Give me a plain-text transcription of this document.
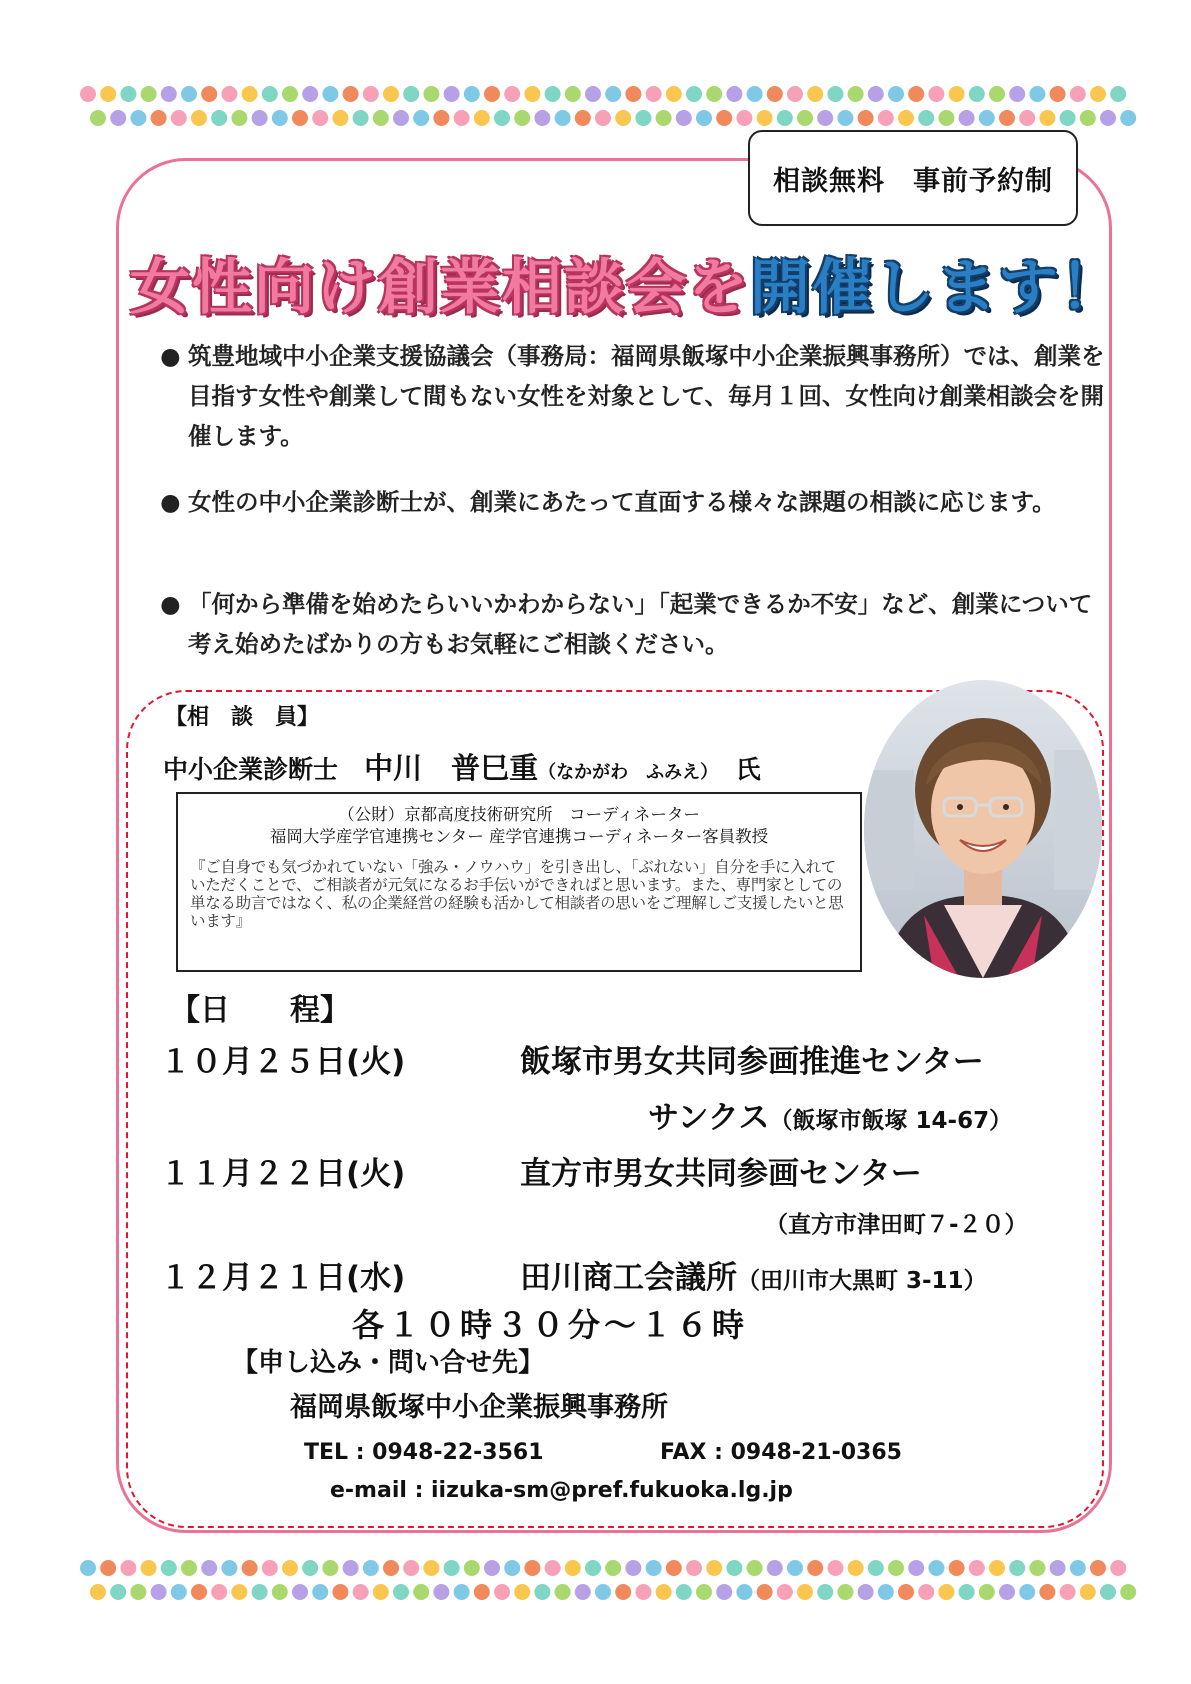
相談無料　事前予約制
女性向け創業相談会を開催します！
● 筑豊地域中小企業支援協議会（事務局：福岡県飯塚中小企業振興事務所）では、創業を目指す女性や創業して間もない女性を対象として、毎月１回、女性向け創業相談会を開催します。
● 女性の中小企業診断士が、創業にあたって直面する様々な課題の相談に応じます。
● 「何から準備を始めたらいいかわからない」「起業できるか不安」など、創業について考え始めたばかりの方もお気軽にご相談ください。
【相　談　員】
中小企業診断士 中川　普巳重（なかがわ　ふみえ） 氏
（公財）京都高度技術研究所　コーディネーター
福岡大学産学官連携センター 産学官連携コーディネーター客員教授
『ご自身でも気づかれていない「強み・ノウハウ」を引き出し、「ぶれない」自分を手に入れていただくことで、ご相談者が元気になるお手伝いができればと思います。また、専門家としての単なる助言ではなく、私の企業経営の経験も活かして相談者の思いをご理解しご支援したいと思います』
【日　　程】
１０月２５日(火)	飯塚市男女共同参画推進センター
サンクス（飯塚市飯塚 14-67）
１１月２２日(火)	直方市男女共同参画センター
（直方市津田町７-２０）
１２月２１日(水)	田川商工会議所（田川市大黒町 3-11）
各１０時３０分～１６時
【申し込み・問い合せ先】
福岡県飯塚中小企業振興事務所
TEL : 0948-22-3561	FAX : 0948-21-0365
e-mail : iizuka-sm@pref.fukuoka.lg.jp
